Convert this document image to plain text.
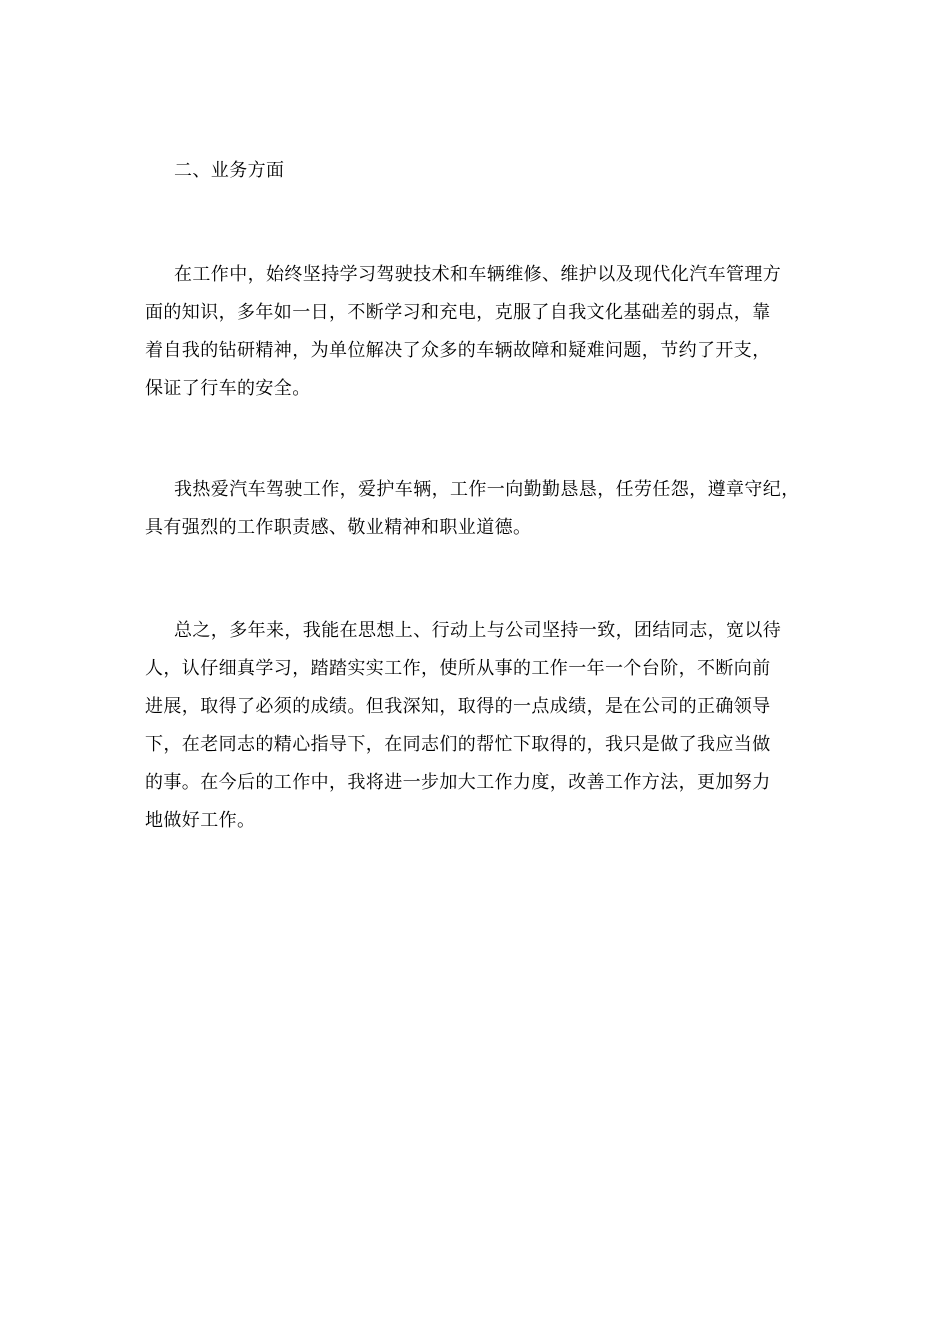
二、业务方面

在工作中，始终坚持学习驾驶技术和车辆维修、维护以及现代化汽车管理方
面的知识，多年如一日，不断学习和充电，克服了自我文化基础差的弱点，靠
着自我的钻研精神，为单位解决了众多的车辆故障和疑难问题，节约了开支，
保证了行车的安全。

我热爱汽车驾驶工作，爱护车辆，工作一向勤勤恳恳，任劳任怨，遵章守纪，
具有强烈的工作职责感、敬业精神和职业道德。

总之，多年来，我能在思想上、行动上与公司坚持一致，团结同志，宽以待
人，认仔细真学习，踏踏实实工作，使所从事的工作一年一个台阶，不断向前
进展，取得了必须的成绩。但我深知，取得的一点成绩，是在公司的正确领导
下，在老同志的精心指导下，在同志们的帮忙下取得的，我只是做了我应当做
的事。在今后的工作中，我将进一步加大工作力度，改善工作方法，更加努力
地做好工作。
